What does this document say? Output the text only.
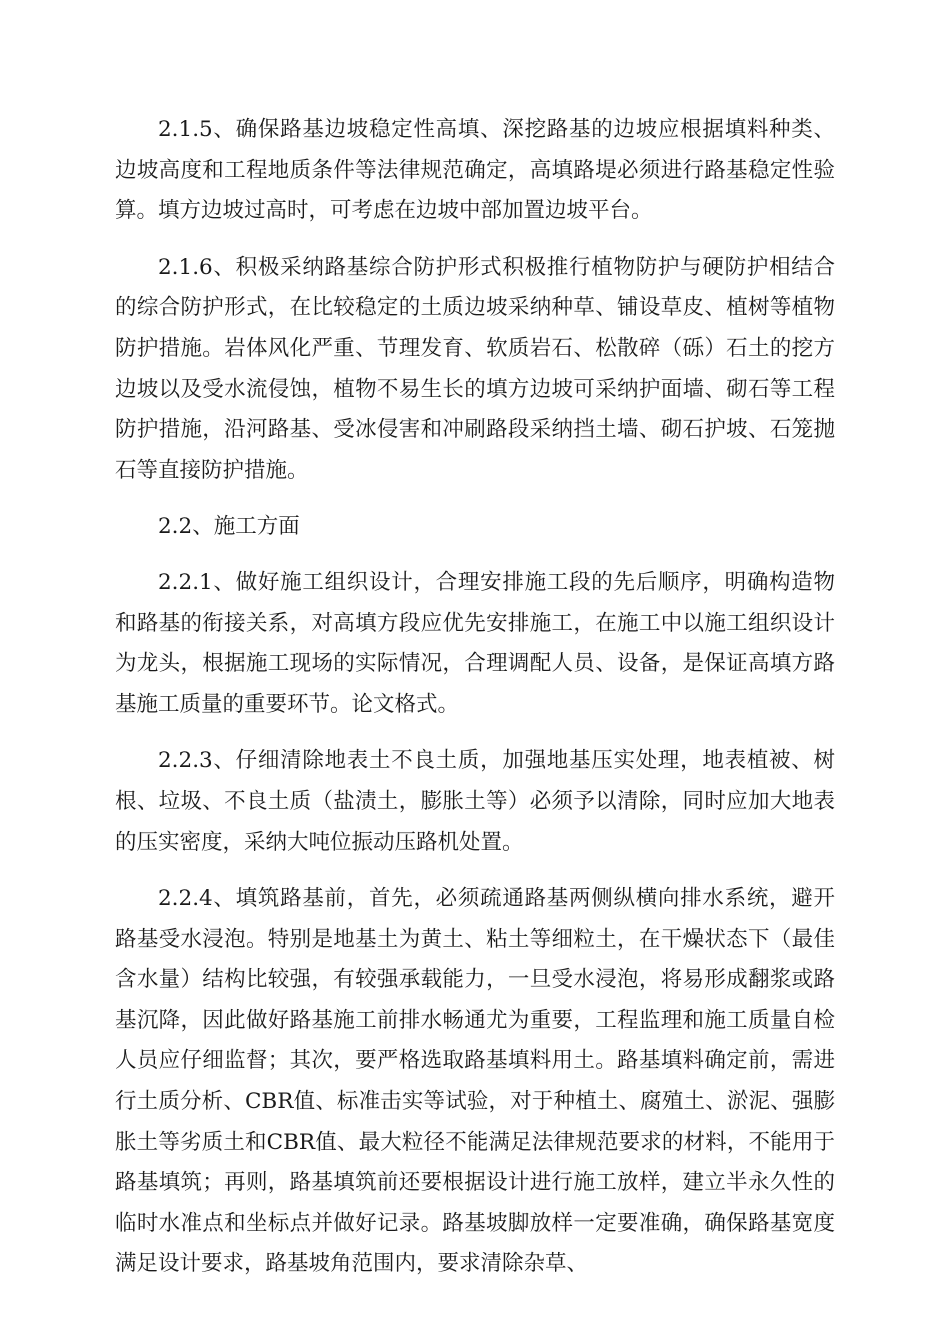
2.1.5、确保路基边坡稳定性高填、深挖路基的边坡应根据填料种类、边坡高度和工程地质条件等法律规范确定，高填路堤必须进行路基稳定性验算。填方边坡过高时，可考虑在边坡中部加置边坡平台。

2.1.6、积极采纳路基综合防护形式积极推行植物防护与硬防护相结合的综合防护形式，在比较稳定的土质边坡采纳种草、铺设草皮、植树等植物防护措施。岩体风化严重、节理发育、软质岩石、松散碎（砾）石土的挖方边坡以及受水流侵蚀，植物不易生长的填方边坡可采纳护面墙、砌石等工程防护措施，沿河路基、受冰侵害和冲刷路段采纳挡土墙、砌石护坡、石笼抛石等直接防护措施。

2.2、施工方面

2.2.1、做好施工组织设计，合理安排施工段的先后顺序，明确构造物和路基的衔接关系，对高填方段应优先安排施工，在施工中以施工组织设计为龙头，根据施工现场的实际情况，合理调配人员、设备，是保证高填方路基施工质量的重要环节。论文格式。

2.2.3、仔细清除地表土不良土质，加强地基压实处理，地表植被、树根、垃圾、不良土质（盐渍土，膨胀土等）必须予以清除，同时应加大地表的压实密度，采纳大吨位振动压路机处置。

2.2.4、填筑路基前，首先，必须疏通路基两侧纵横向排水系统，避开路基受水浸泡。特别是地基土为黄土、粘土等细粒土，在干燥状态下（最佳含水量）结构比较强，有较强承载能力，一旦受水浸泡，将易形成翻浆或路基沉降，因此做好路基施工前排水畅通尤为重要，工程监理和施工质量自检人员应仔细监督；其次，要严格选取路基填料用土。路基填料确定前，需进行土质分析、CBR值、标准击实等试验，对于种植土、腐殖土、淤泥、强膨胀土等劣质土和CBR值、最大粒径不能满足法律规范要求的材料，不能用于路基填筑；再则，路基填筑前还要根据设计进行施工放样，建立半永久性的临时水准点和坐标点并做好记录。路基坡脚放样一定要准确，确保路基宽度满足设计要求，路基坡角范围内，要求清除杂草、
